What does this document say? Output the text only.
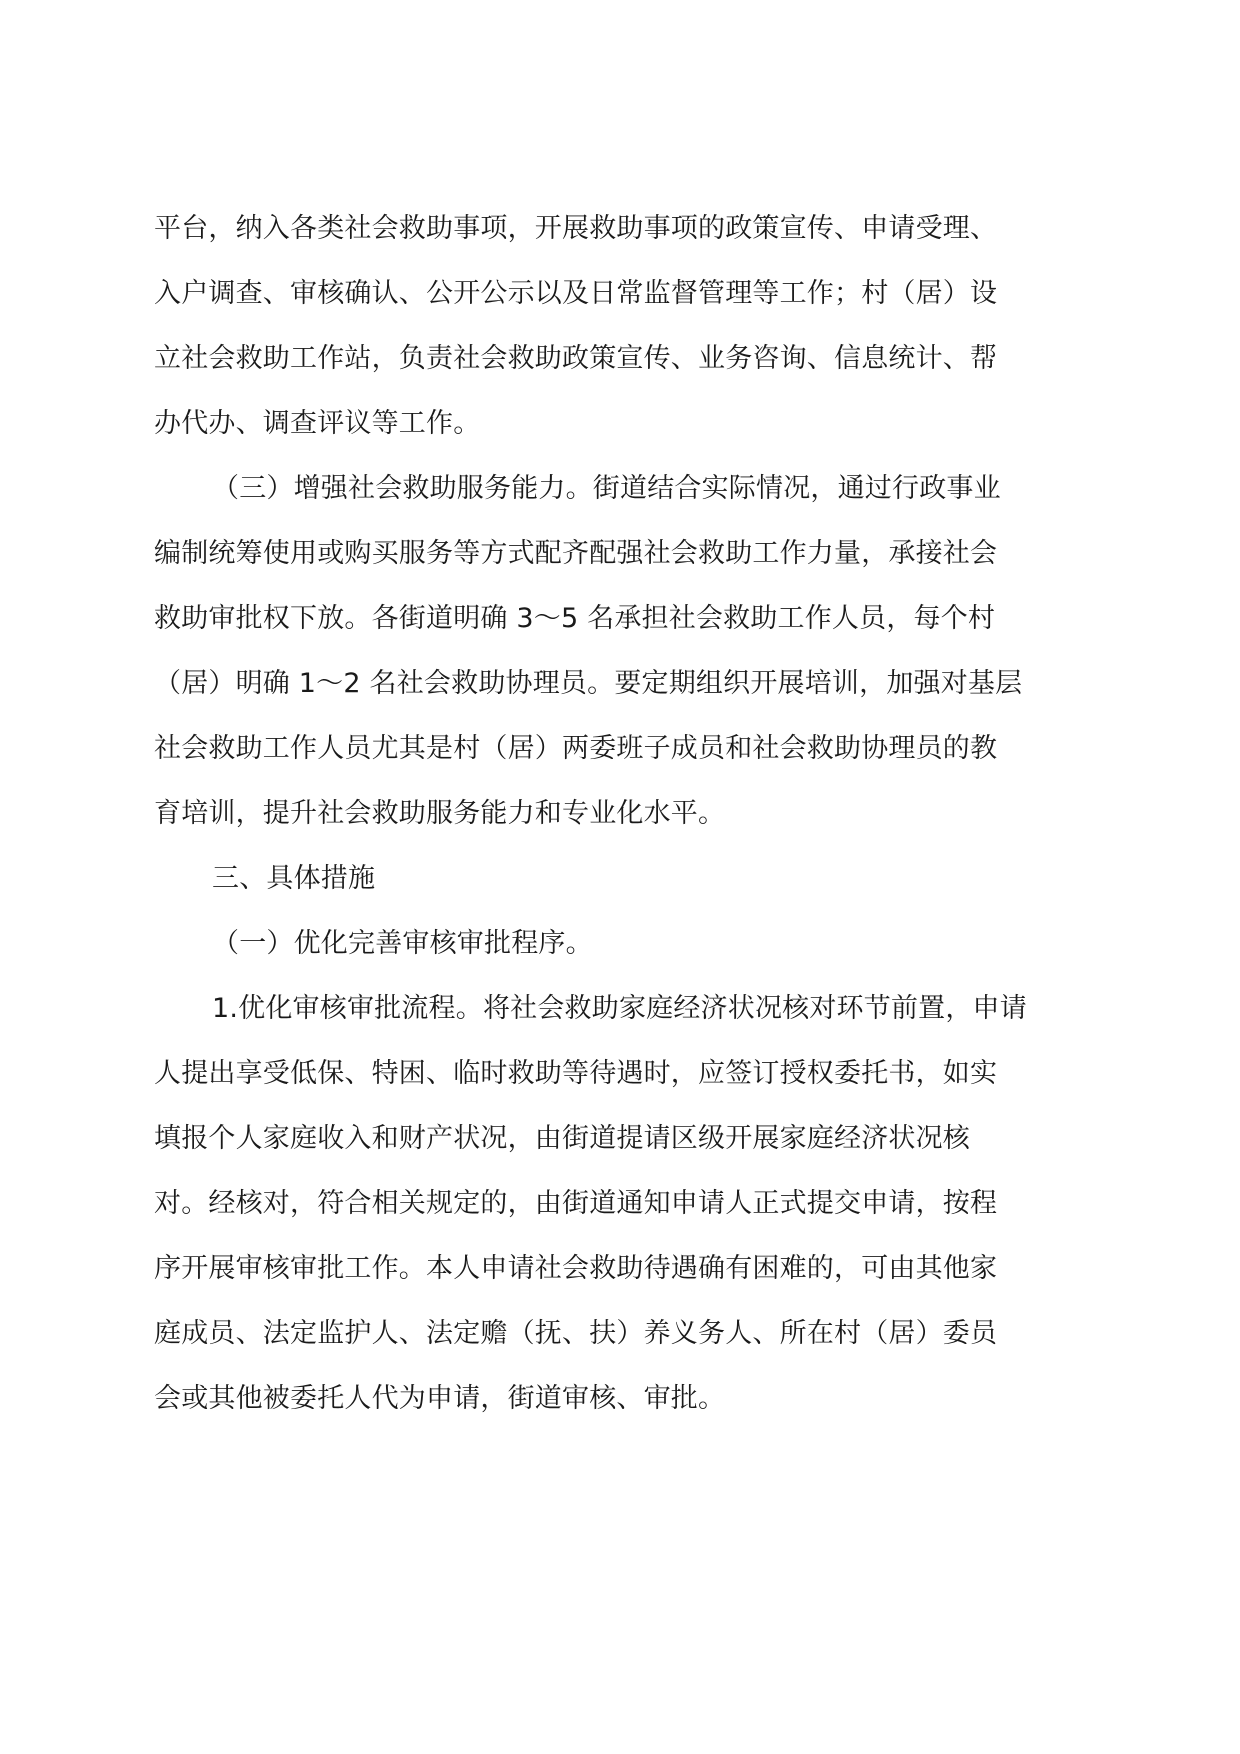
平台，纳入各类社会救助事项，开展救助事项的政策宣传、申请受理、
入户调查、审核确认、公开公示以及日常监督管理等工作；村（居）设
立社会救助工作站，负责社会救助政策宣传、业务咨询、信息统计、帮
办代办、调查评议等工作。
（三）增强社会救助服务能力。街道结合实际情况，通过行政事业
编制统筹使用或购买服务等方式配齐配强社会救助工作力量，承接社会
救助审批权下放。各街道明确 3～5 名承担社会救助工作人员，每个村
（居）明确 1～2 名社会救助协理员。要定期组织开展培训，加强对基层
社会救助工作人员尤其是村（居）两委班子成员和社会救助协理员的教
育培训，提升社会救助服务能力和专业化水平。
三、具体措施
（一）优化完善审核审批程序。
1.优化审核审批流程。将社会救助家庭经济状况核对环节前置，申请
人提出享受低保、特困、临时救助等待遇时，应签订授权委托书，如实
填报个人家庭收入和财产状况，由街道提请区级开展家庭经济状况核
对。经核对，符合相关规定的，由街道通知申请人正式提交申请，按程
序开展审核审批工作。本人申请社会救助待遇确有困难的，可由其他家
庭成员、法定监护人、法定赡（抚、扶）养义务人、所在村（居）委员
会或其他被委托人代为申请，街道审核、审批。
